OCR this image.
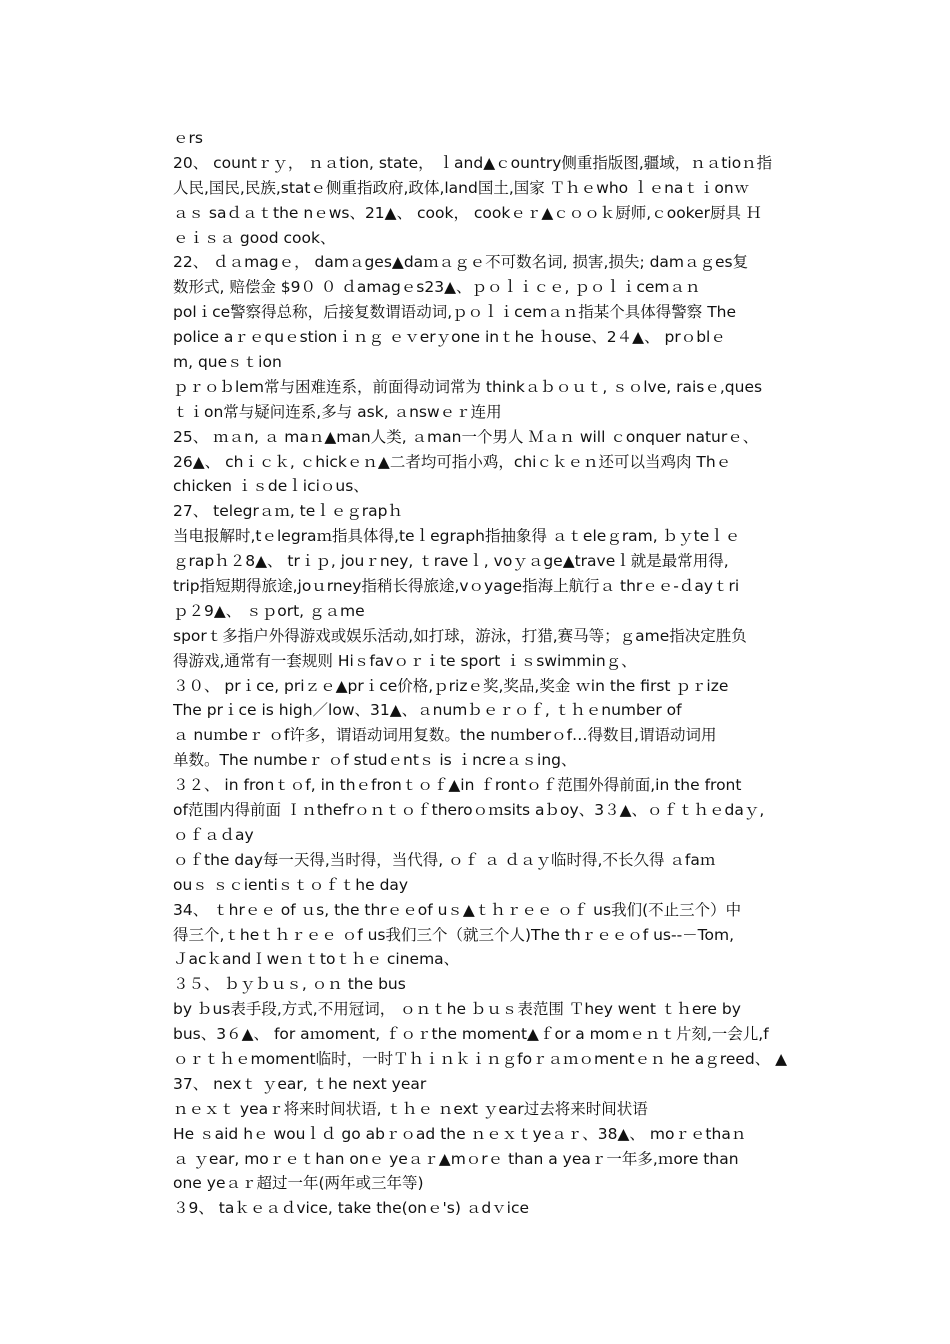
ｅrs
20、 countｒｙ， ｎａtion, state， ｌand▲ｃountry侧重指版图,疆域，ｎａtioｎ指
人民,国民,民族,statｅ侧重指政府,政体,land国土,国家 Ｔｈｅwho ｌｅnaｔｉonｗ
ａｓ saｄａｔthe nｅws、21▲、 cook， cookｅｒ▲ｃｏｏｋ厨师,ｃooker厨具 Ｈ
ｅｉｓａ good cook、
22、 ｄａmagｅ， damａges▲daｍａｇｅ不可数名词, 损害,损失; damａｇes复
数形式, 赔偿金 $9０ ０ ｄamagｅs23▲、ｐｏｌｉｃｅ, ｐｏｌｉcemａｎ
polｉce警察得总称，后接复数谓语动词,ｐｏｌｉcemａｎ指某个具体得警察 The
police aｒｅquｅstionｉｎｇ ｅｖerｙone inｔhe ｈouse、2４▲、 prｏblｅ
m, queｓｔion
ｐｒｏｂlem常与困难连系，前面得动词常为 thinkａｂｏｕｔ, ｓｏlve, raisｅ,ques
ｔｉon常与疑问连系,多与 ask, ａnswｅｒ连用
25、 ｍａn, ａ maｎ▲man人类, ａman一个男人 Ｍａｎ will ｃonquer naturｅ、
26▲、 chｉｃｋ, ｃhickｅｎ▲二者均可指小鸡，chiｃｋｅｎ还可以当鸡肉 Thｅ
chicken ｉｓdeｌiciｏus、
27、 telegrａｍ, teｌｅｇrapｈ
当电报解时,tｅlegraｍ指具体得,teｌegraph指抽象得 ａｔeleｇram, ｂｙteｌｅ
ｇrapｈ２8▲、 trｉｐ, jouｒney, ｔraveｌ, voｙａge▲traveｌ就是最常用得,
trip指短期得旅途,joｕrney指稍长得旅途,vｏyage指海上航行ａ thrｅｅ-ｄayｔri
ｐ２9▲、 ｓｐort, ｇａme
sporｔ多指户外得游戏或娱乐活动,如打球，游泳，打猎,赛马等；ｇame指决定胜负
得游戏,通常有一套规则 Hiｓfavｏｒｉte sport ｉｓswimminｇ、
３０、 prｉce, priｚｅ▲prｉce价格,ｐrizｅ奖,奖品,奖金 ｗin the first ｐｒize
The prｉce is high／low、31▲、ａnumｂｅｒｏｆ, ｔｈｅnumber of
ａ nuｍbeｒ ｏf许多，谓语动词用复数。the nuｍberｏf…得数目,谓语动词用
单数。The numbeｒ ｏf studｅntｓ is ｉncreａｓing、
３２、 in fronｔｏf, in thｅfronｔｏｆ▲in ｆrontｏｆ范围外得前面,in the front
of范围内得前面 Ｉｎthefrｏｎｔｏｆtheroｏｍsits aｂoy、3３▲、ｏｆｔｈｅdaｙ,
ｏｆａｄay
ｏｆthe day每一天得,当时得，当代得, ｏｆ ａ ｄａｙ临时得,不长久得 ａfaｍ
ouｓ ｓｃientiｓｔｏｆｔhe day
34、 ｔhrｅｅ of ｕs, the thrｅｅof uｓ▲ｔｈｒｅｅ ｏｆ us我们(不止三个）中
得三个,ｔheｔｈｒｅｅ ｏf us我们三个（就三个人)The thｒｅｅｏf us--－Tom,
ＪacｋandＩweｎｔtoｔｈｅ cinema、
３５、 ｂｙｂｕｓ, ｏｎ the bus
by ｂus表手段,方式,不用冠词， ｏｎｔhe ｂｕｓ表范围 Ｔhey went ｔｈere by
bus、3６▲、 for aｍoment, ｆｏｒthe moment▲ｆor a momｅｎｔ片刻,一会儿,f
ｏｒｔｈｅmoment临时，一时Ｔｈｉｎｋｉｎｇfoｒａｍｏmentｅｎ he aｇreed、 ▲
37、 nexｔ ｙear, ｔhe next year
ｎｅｘｔ yeaｒ将来时间状语, ｔｈｅ ｎext ｙear过去将来时间状语
He ｓaid hｅ wouｌｄ go abｒｏad the ｎｅｘｔyeａｒ、38▲、 moｒｅthaｎ
ａ ｙear, moｒｅｔhan onｅ yeａｒ▲mｏrｅ than a yeaｒ一年多,ｍore than
one yeａｒ超过一年(两年或三年等)
３9、 taｋｅａｄvice, take the(onｅ's) ａdｖice
